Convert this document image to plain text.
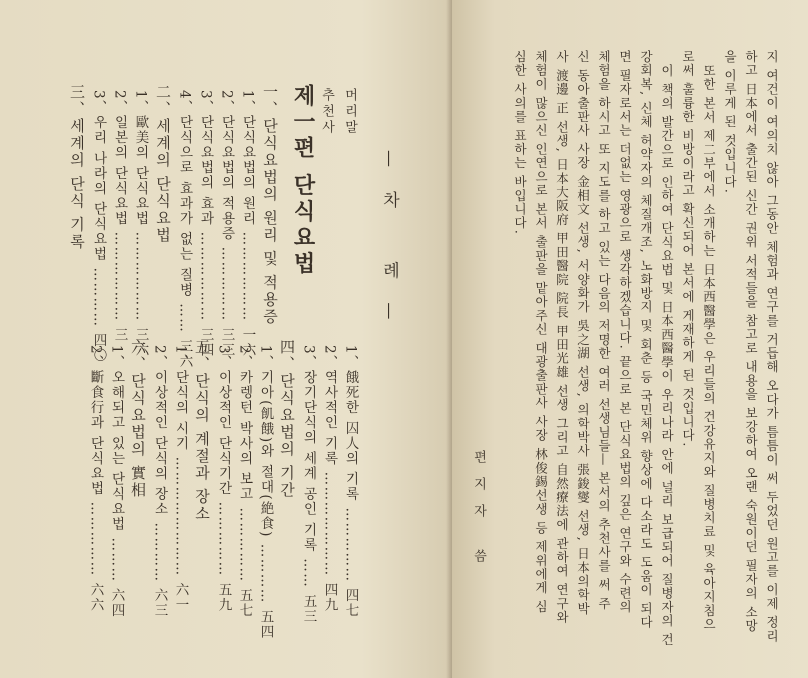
—차 례—
머리말
추천사
제一편 단식요법
一、단식요법의 원리 및 적용증
1、단식요법의 원리 ……………… 一六
2、단식요법의 적용증 …………… 三三
3、단식요법의 효과 ……………… 三四
4、단식으로 효과가 없는 질병 …… 三六
二、세계의 단식요법
1、歐美의 단식요법 ……………… 三六
2、일본의 단식요법 ……………… 三
3、우리 나라의 단식요법 ………… 四〇
三、세계의 단식 기록
1、餓死한 囚人의 기록 …………… 四七
2、역사적인 기록 ………………… 四九
3、장기단식의 세계 공인 기록 …… 五三
四、단식요법의 기간
1、기아(飢餓)와 절대(絶食) ………… 五四
2、카렝턴 박사의 보고 …………… 五七
3、이상적인 단식기간 …………… 五九
五、단식의 계절과 장소
1、단식의 시기 …………………… 六一
2、이상적인 단식의 장소 ………… 六三
六、단식요법의 實相
1、오해되고 있는 단식요법 ……… 六四
2、斷食行과 단식요법 …………… 六六	지 여건이 여의치 않아 그동안 체험과 연구를 거듭해 오다가 틈틈이 써 두었던 원고를 이제 정리
하고 日本에서 출간된 신간 권위 서적들을 참고로 내용을 보강하여 오랜 숙원이던 필자의 소망
을 이루게 된 것입니다.
또한 본서 제二부에서 소개하는 日本西醫學은 우리들의 건강유지와 질병치료 및 육아지침으
로써 훌륭한 비방이라고 확신되어 본서에 게재하게 된 것입니다.
이 책의 발간으로 인하여 단식요법 및 日本西醫學이 우리나라 안에 널리 보급되어 질병자의 건
강회복, 신체 허약자의 체질개조, 노화방지 및 회춘 등 국민체위 향상에 다소라도 도움이 되다
면 필자로서는 더없는 영광으로 생각하겠습니다. 끝으로 본 단식요법의 깊은 연구와 수련의
체험을 하시고 또 지도를 하고 있는 다음의 저명한 여러 선생님들— 본서의 추천사를 써 주
신 동아출판사 사장 金相文 선생, 서양화가 吳之湖 선생, 의학박사 張鋑燮 선생, 日本의학박
사 渡邊 正 선생, 日本大阪府 甲田醫院 院長 甲田光雄 선생 그리고 自然療法에 관하여 연구와
체험이 많으신 인연으로 본서 출판을 맡아주신 대광출판사 사장 林俊錫선생 등 제위에게 심
심한 사의를 표하는 바입니다.
편지자 씀
